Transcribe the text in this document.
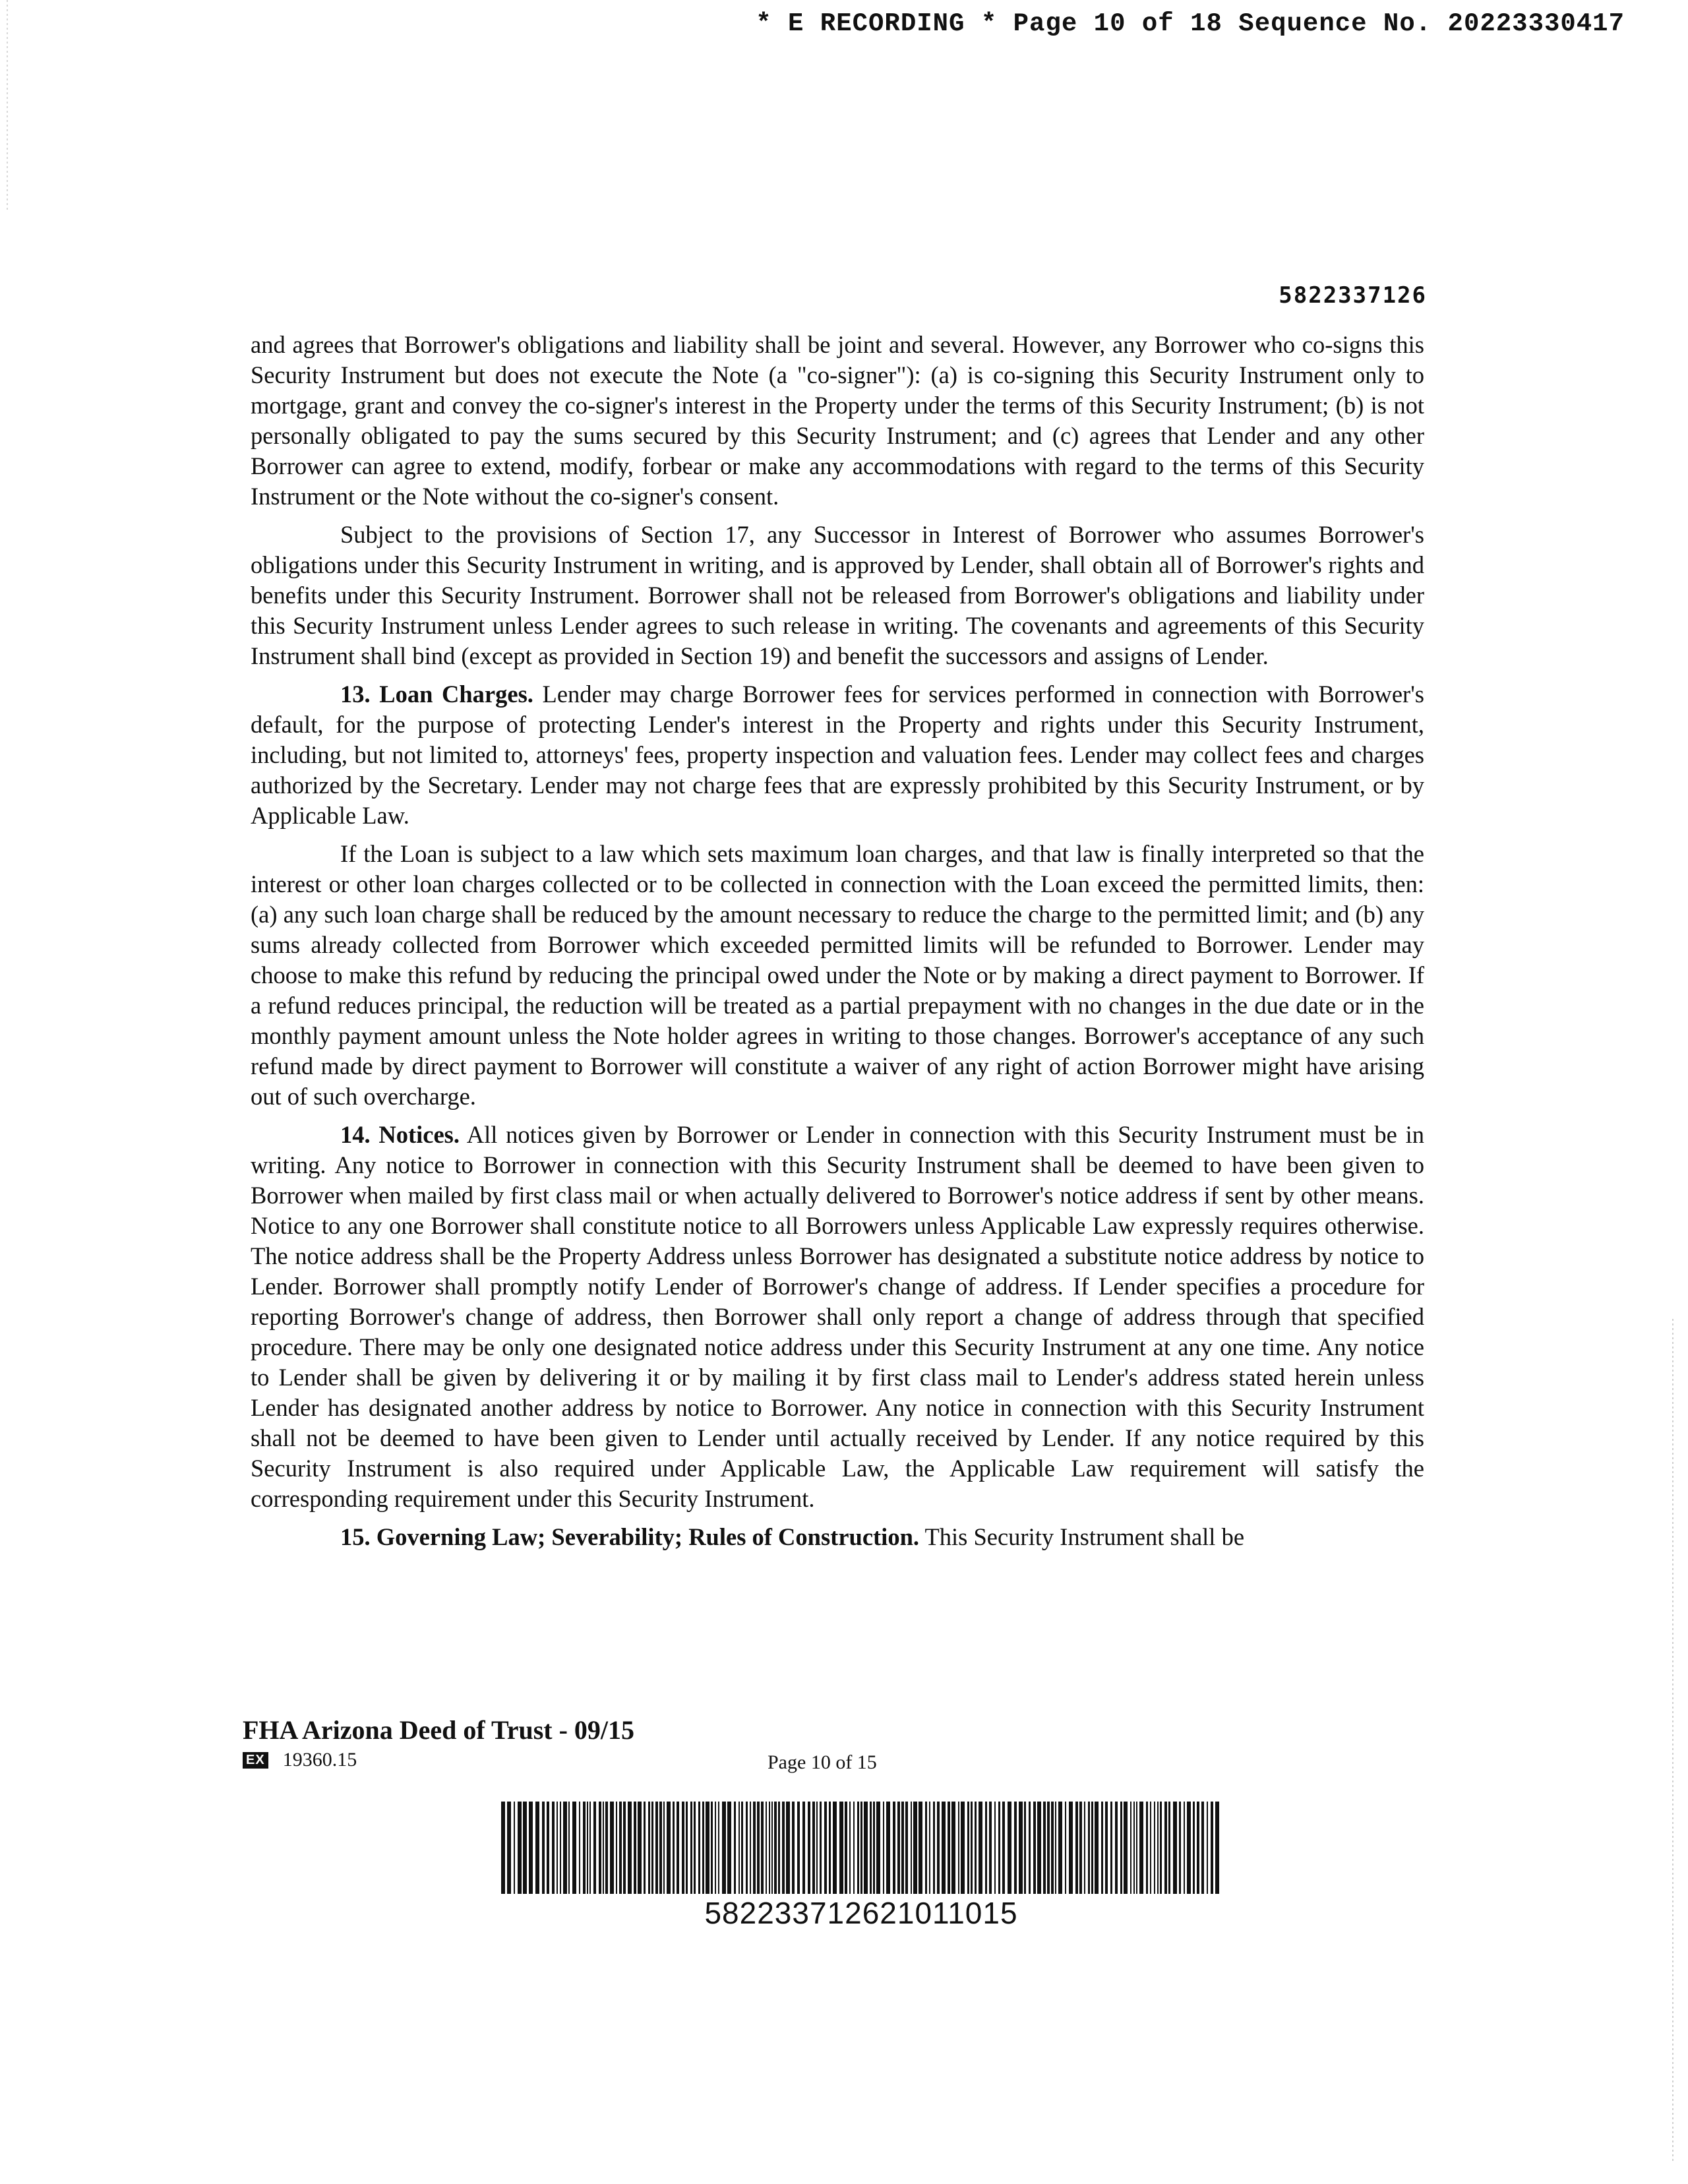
* E RECORDING * Page 10 of 18 Sequence No. 20223330417
5822337126

and agrees that Borrower's obligations and liability shall be joint and several. However, any Borrower who co-signs this Security Instrument but does not execute the Note (a "co-signer"): (a) is co-signing this Security Instrument only to mortgage, grant and convey the co-signer's interest in the Property under the terms of this Security Instrument; (b) is not personally obligated to pay the sums secured by this Security Instrument; and (c) agrees that Lender and any other Borrower can agree to extend, modify, forbear or make any accommodations with regard to the terms of this Security Instrument or the Note without the co-signer's consent.

Subject to the provisions of Section 17, any Successor in Interest of Borrower who assumes Borrower's obligations under this Security Instrument in writing, and is approved by Lender, shall obtain all of Borrower's rights and benefits under this Security Instrument. Borrower shall not be released from Borrower's obligations and liability under this Security Instrument unless Lender agrees to such release in writing. The covenants and agreements of this Security Instrument shall bind (except as provided in Section 19) and benefit the successors and assigns of Lender.

13. Loan Charges. Lender may charge Borrower fees for services performed in connection with Borrower's default, for the purpose of protecting Lender's interest in the Property and rights under this Security Instrument, including, but not limited to, attorneys' fees, property inspection and valuation fees. Lender may collect fees and charges authorized by the Secretary. Lender may not charge fees that are expressly prohibited by this Security Instrument, or by Applicable Law.

If the Loan is subject to a law which sets maximum loan charges, and that law is finally interpreted so that the interest or other loan charges collected or to be collected in connection with the Loan exceed the permitted limits, then: (a) any such loan charge shall be reduced by the amount necessary to reduce the charge to the permitted limit; and (b) any sums already collected from Borrower which exceeded permitted limits will be refunded to Borrower. Lender may choose to make this refund by reducing the principal owed under the Note or by making a direct payment to Borrower. If a refund reduces principal, the reduction will be treated as a partial prepayment with no changes in the due date or in the monthly payment amount unless the Note holder agrees in writing to those changes. Borrower's acceptance of any such refund made by direct payment to Borrower will constitute a waiver of any right of action Borrower might have arising out of such overcharge.

14. Notices. All notices given by Borrower or Lender in connection with this Security Instrument must be in writing. Any notice to Borrower in connection with this Security Instrument shall be deemed to have been given to Borrower when mailed by first class mail or when actually delivered to Borrower's notice address if sent by other means. Notice to any one Borrower shall constitute notice to all Borrowers unless Applicable Law expressly requires otherwise. The notice address shall be the Property Address unless Borrower has designated a substitute notice address by notice to Lender. Borrower shall promptly notify Lender of Borrower's change of address. If Lender specifies a procedure for reporting Borrower's change of address, then Borrower shall only report a change of address through that specified procedure. There may be only one designated notice address under this Security Instrument at any one time. Any notice to Lender shall be given by delivering it or by mailing it by first class mail to Lender's address stated herein unless Lender has designated another address by notice to Borrower. Any notice in connection with this Security Instrument shall not be deemed to have been given to Lender until actually received by Lender. If any notice required by this Security Instrument is also required under Applicable Law, the Applicable Law requirement will satisfy the corresponding requirement under this Security Instrument.

15. Governing Law; Severability; Rules of Construction. This Security Instrument shall be

FHA Arizona Deed of Trust - 09/15
EX 19360.15	Page 10 of 15
582233712621011015
